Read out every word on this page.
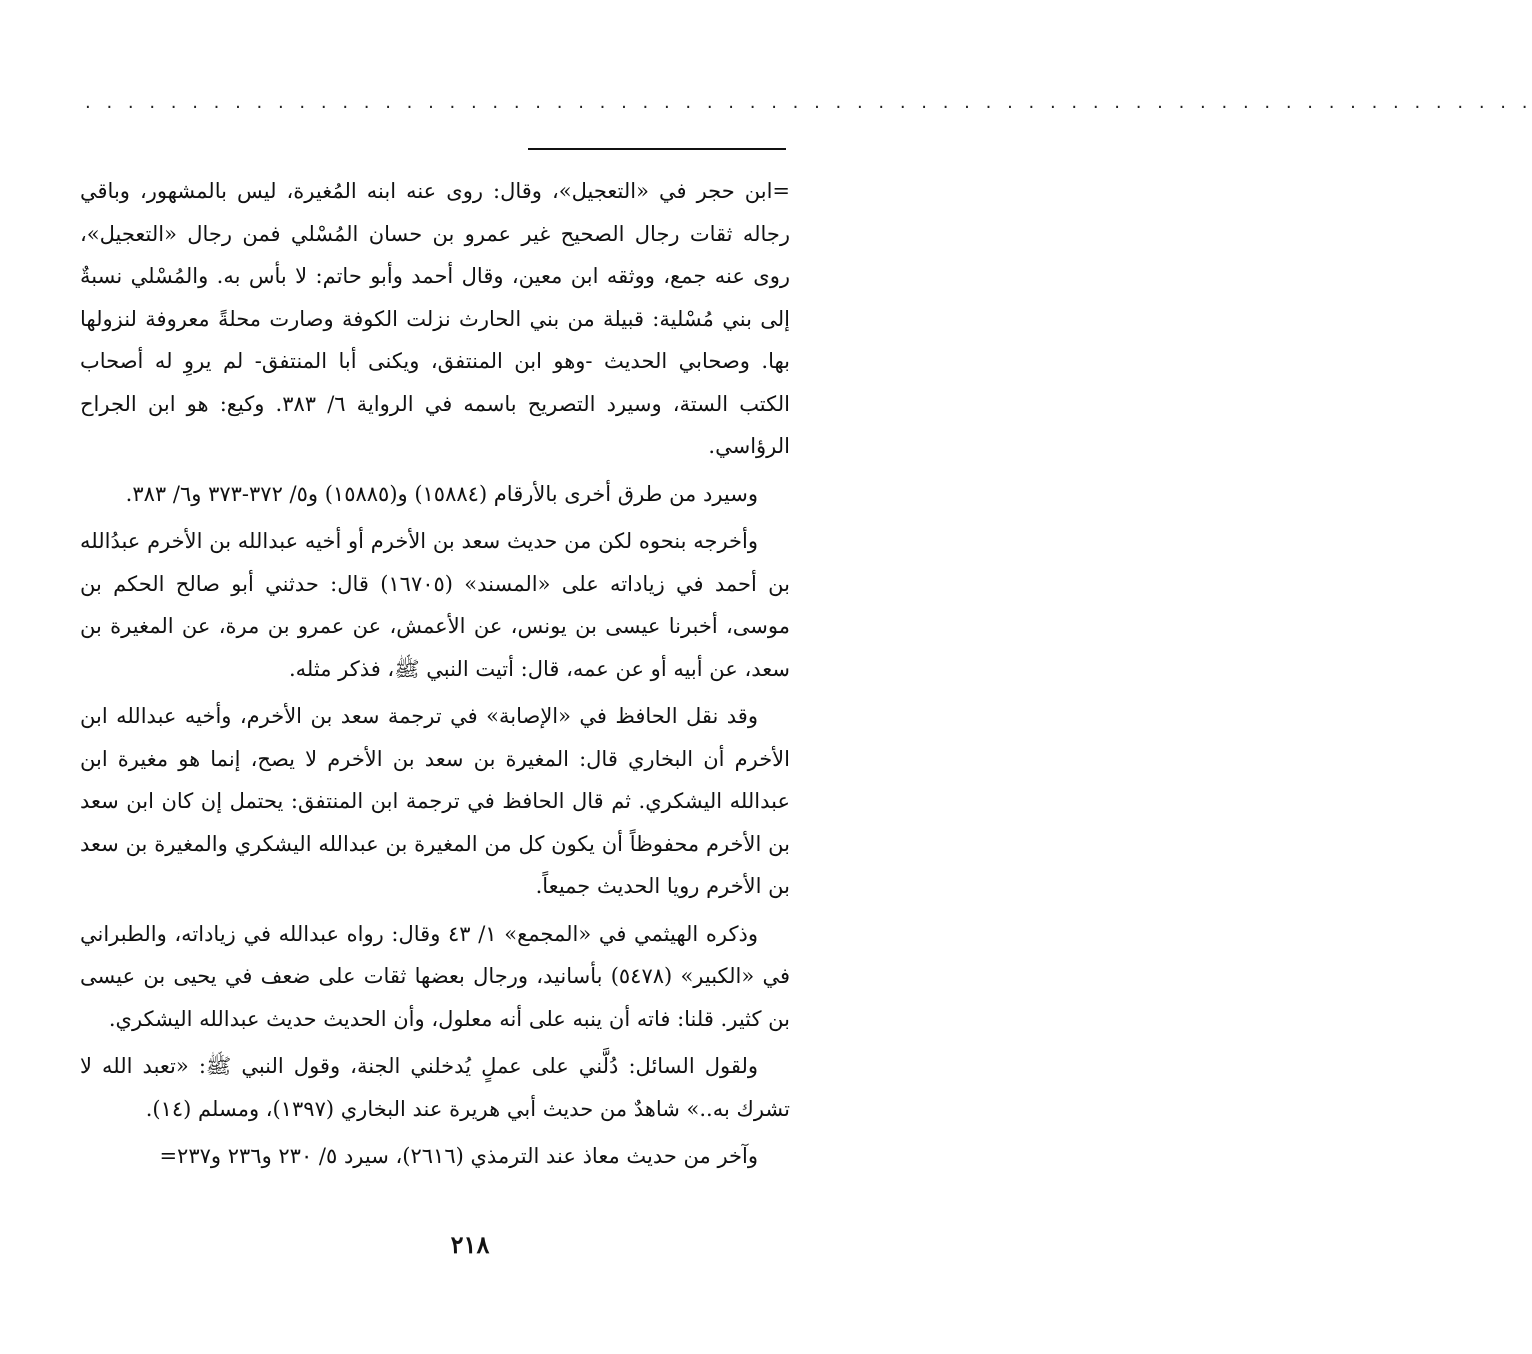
. . . . . . . . . . . . . . . . . . . . . . . . . . . . . . . . . . . . . . . . . . . . . . . . . . . . . . . . . . . . . . . . . . . .

=ابن حجر في «التعجيل»، وقال: روى عنه ابنه المُغيرة، ليس بالمشهور، وباقي رجاله ثقات رجال الصحيح غير عمرو بن حسان المُسْلي فمن رجال «التعجيل»، روى عنه جمع، ووثقه ابن معين، وقال أحمد وأبو حاتم: لا بأس به. والمُسْلي نسبةٌ إلى بني مُسْلية: قبيلة من بني الحارث نزلت الكوفة وصارت محلةً معروفة لنزولها بها. وصحابي الحديث -وهو ابن المنتفق، ويكنى أبا المنتفق- لم يروِ له أصحاب الكتب الستة، وسيرد التصريح باسمه في الرواية ٦/ ٣٨٣. وكيع: هو ابن الجراح الرؤاسي.

وسيرد من طرق أخرى بالأرقام (١٥٨٨٤) و(١٥٨٨٥) و٥/ ٣٧٢-٣٧٣ و٦/ ٣٨٣.

وأخرجه بنحوه لكن من حديث سعد بن الأخرم أو أخيه عبدالله بن الأخرم عبدُالله بن أحمد في زياداته على «المسند» (١٦٧٠٥) قال: حدثني أبو صالح الحكم بن موسى، أخبرنا عيسى بن يونس، عن الأعمش، عن عمرو بن مرة، عن المغيرة بن سعد، عن أبيه أو عن عمه، قال: أتيت النبي ﷺ، فذكر مثله.

وقد نقل الحافظ في «الإصابة» في ترجمة سعد بن الأخرم، وأخيه عبدالله ابن الأخرم أن البخاري قال: المغيرة بن سعد بن الأخرم لا يصح، إنما هو مغيرة ابن عبدالله اليشكري. ثم قال الحافظ في ترجمة ابن المنتفق: يحتمل إن كان ابن سعد بن الأخرم محفوظاً أن يكون كل من المغيرة بن عبدالله اليشكري والمغيرة بن سعد بن الأخرم رويا الحديث جميعاً.

وذكره الهيثمي في «المجمع» ١/ ٤٣ وقال: رواه عبدالله في زياداته، والطبراني في «الكبير» (٥٤٧٨) بأسانيد، ورجال بعضها ثقات على ضعف في يحيى بن عيسى بن كثير. قلنا: فاته أن ينبه على أنه معلول، وأن الحديث حديث عبدالله اليشكري.

ولقول السائل: دُلَّني على عملٍ يُدخلني الجنة، وقول النبي ﷺ: «تعبد الله لا تشرك به..» شاهدٌ من حديث أبي هريرة عند البخاري (١٣٩٧)، ومسلم (١٤).

وآخر من حديث معاذ عند الترمذي (٢٦١٦)، سيرد ٥/ ٢٣٠ و٢٣٦ و٢٣٧=

٢١٨
